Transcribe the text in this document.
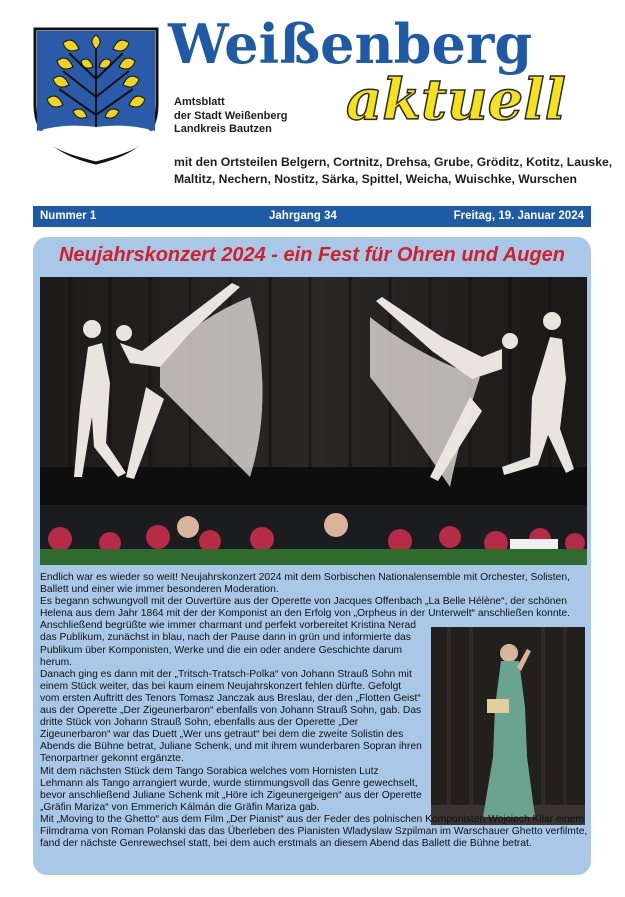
Weißenberg
aktuell
Amtsblatt
der Stadt Weißenberg
Landkreis Bautzen
mit den Ortsteilen Belgern, Cortnitz, Drehsa, Grube, Gröditz, Kotitz, Lauske, Maltitz, Nechern, Nostitz, Särka, Spittel, Weicha, Wuischke, Wurschen
Nummer 1	Jahrgang 34	Freitag, 19. Januar 2024
Neujahrskonzert 2024 - ein Fest für Ohren und Augen

Endlich war es wieder so weit! Neujahrskonzert 2024 mit dem Sorbischen Nationalensemble mit Orchester, Solisten, Ballett und einer wie immer besonderen Moderation.

Es begann schwungvoll mit der Ouvertüre aus der Operette von Jacques Offenbach „La Belle Hélène“, der schönen Helena aus dem Jahr 1864 mit der der Komponist an den Erfolg von „Orpheus in der Unterwelt“ anschließen konnte.

Anschließend begrüßte wie immer charmant und perfekt vorbereitet Kristina Nerad das Publikum, zunächst in blau, nach der Pause dann in grün und informierte das Publikum über Komponisten, Werke und die ein oder andere Geschichte darum herum.

Danach ging es dann mit der „Tritsch-Tratsch-Polka“ von Johann Strauß Sohn mit einem Stück weiter, das bei kaum einem Neujahrskonzert fehlen dürfte. Gefolgt vom ersten Auftritt des Tenors Tomasz Janczak aus Breslau, der den „Flotten Geist“ aus der Operette „Der Zigeunerbaron“ ebenfalls von Johann Strauß Sohn, gab. Das dritte Stück von Johann Strauß Sohn, ebenfalls aus der Operette „Der Zigeunerbaron“ war das Duett „Wer uns getraut“ bei dem die zweite Solistin des Abends die Bühne betrat, Juliane Schenk, und mit ihrem wunderbaren Sopran ihren Tenorpartner gekonnt ergänzte.

Mit dem nächsten Stück dem Tango Sorabica welches vom Hornisten Lutz Lehmann als Tango arrangiert wurde, wurde stimmungsvoll das Genre gewechselt, bevor anschließend Juliane Schenk mit „Höre ich Zigeunergeigen“ aus der Operette „Gräfin Mariza“ von Emmerich Kálmán die Gräfin Mariza gab.

Mit „Moving to the Ghetto“ aus dem Film „Der Pianist“ aus der Feder des polnischen Komponisten Wojciech Kilar einem Filmdrama von Roman Polanski das das Überleben des Pianisten Wladyslaw Szpilman im Warschauer Ghetto verfilmte, fand der nächste Genrewechsel statt, bei dem auch erstmals an diesem Abend das Ballett die Bühne betrat.
